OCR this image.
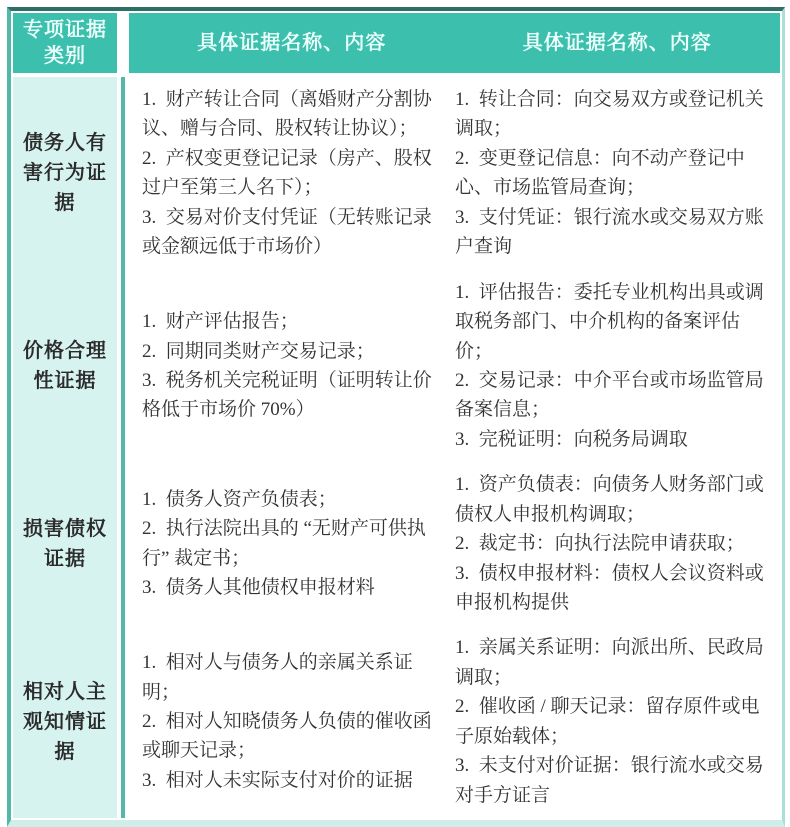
专项证据类别
具体证据名称、内容	具体证据名称、内容
债务人有害行为证据

1.  财产转让合同（离婚财产分割协议、赠与合同、股权转让协议）；

2.  产权变更登记记录（房产、股权过户至第三人名下）；

3.  交易对价支付凭证（无转账记录或金额远低于市场价）

1.  转让合同：向交易双方或登记机关调取；

2.  变更登记信息：向不动产登记中心、市场监管局查询；

3.  支付凭证：银行流水或交易双方账户查询

价格合理性证据

1.  财产评估报告；

2.  同期同类财产交易记录；

3.  税务机关完税证明（证明转让价格低于市场价 70%）

1.  评估报告：委托专业机构出具或调取税务部门、中介机构的备案评估价；

2.  交易记录：中介平台或市场监管局备案信息；

3.  完税证明：向税务局调取

损害债权证据

1.  债务人资产负债表；

2.  执行法院出具的 “无财产可供执行” 裁定书；

3.  债务人其他债权申报材料

1.  资产负债表：向债务人财务部门或债权人申报机构调取；

2.  裁定书：向执行法院申请获取；

3.  债权申报材料：债权人会议资料或申报机构提供

相对人主观知情证据

1.  相对人与债务人的亲属关系证明；

2.  相对人知晓债务人负债的催收函或聊天记录；

3.  相对人未实际支付对价的证据

1.  亲属关系证明：向派出所、民政局调取；

2.  催收函 / 聊天记录：留存原件或电子原始载体；

3.  未支付对价证据：银行流水或交易对手方证言
